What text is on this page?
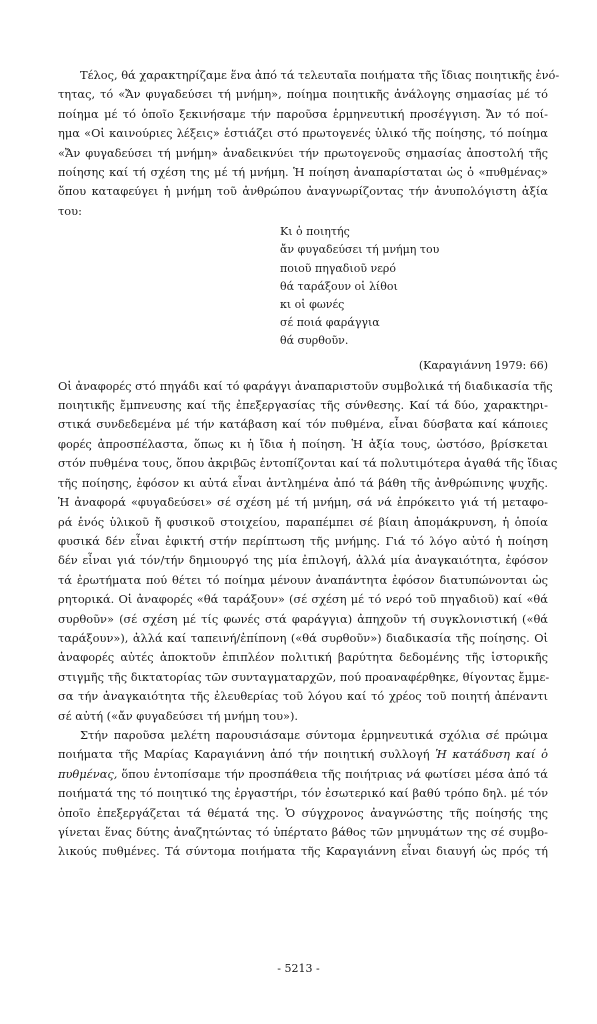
Τέλος, θά χαρακτηρίζαμε ἕνα ἀπό τά τελευταῖα ποιήματα τῆς ἴδιας ποιητικῆς ἑνό-
τητας, τό «Ἄν φυγαδεύσει τή μνήμη», ποίημα ποιητικῆς ἀνάλογης σημασίας μέ τό
ποίημα μέ τό ὁποῖο ξεκινήσαμε τήν παροῦσα ἑρμηνευτική προσέγγιση. Ἄν τό ποί-
ημα «Οἱ καινούριες λέξεις» ἑστιάζει στό πρωτογενές ὑλικό τῆς ποίησης, τό ποίημα
«Ἄν φυγαδεύσει τή μνήμη» ἀναδεικνύει τήν πρωτογενοῦς σημασίας ἀποστολή τῆς
ποίησης καί τή σχέση της μέ τή μνήμη. Ἡ ποίηση ἀναπαρίσταται ὡς ὁ «πυθμένας»
ὅπου καταφεύγει ἡ μνήμη τοῦ ἀνθρώπου ἀναγνωρίζοντας τήν ἀνυπολόγιστη ἀξία
του:

Κι ὁ ποιητής
ἄν φυγαδεύσει τή μνήμη του
ποιοῦ πηγαδιοῦ νερό
θά ταράξουν οἱ λίθοι
κι οἱ φωνές
σέ ποιά φαράγγια
θά συρθοῦν.
(Καραγιάννη 1979: 66)

Οἱ ἀναφορές στό πηγάδι καί τό φαράγγι ἀναπαριστοῦν συμβολικά τή διαδικασία τῆς
ποιητικῆς ἔμπνευσης καί τῆς ἐπεξεργασίας τῆς σύνθεσης. Καί τά δύο, χαρακτηρι-
στικά συνδεδεμένα μέ τήν κατάβαση καί τόν πυθμένα, εἶναι δύσβατα καί κάποιες
φορές ἀπροσπέλαστα, ὅπως κι ἡ ἴδια ἡ ποίηση. Ἡ ἀξία τους, ὡστόσο, βρίσκεται
στόν πυθμένα τους, ὅπου ἀκριβῶς ἐντοπίζονται καί τά πολυτιμότερα ἀγαθά τῆς ἴδιας
τῆς ποίησης, ἐφόσον κι αὐτά εἶναι ἀντλημένα ἀπό τά βάθη τῆς ἀνθρώπινης ψυχῆς.
Ἡ ἀναφορά «φυγαδεύσει» σέ σχέση μέ τή μνήμη, σά νά ἐπρόκειτο γιά τή μεταφο-
ρά ἑνός ὑλικοῦ ἤ φυσικοῦ στοιχείου, παραπέμπει σέ βίαιη ἀπομάκρυνση, ἡ ὁποία
φυσικά δέν εἶναι ἐφικτή στήν περίπτωση τῆς μνήμης. Γιά τό λόγο αὐτό ἡ ποίηση
δέν εἶναι γιά τόν/τήν δημιουργό της μία ἐπιλογή, ἀλλά μία ἀναγκαιότητα, ἐφόσον
τά ἐρωτήματα πού θέτει τό ποίημα μένουν ἀναπάντητα ἐφόσον διατυπώνονται ὡς
ρητορικά. Οἱ ἀναφορές «θά ταράξουν» (σέ σχέση μέ τό νερό τοῦ πηγαδιοῦ) καί «θά
συρθοῦν» (σέ σχέση μέ τίς φωνές στά φαράγγια) ἀπηχοῦν τή συγκλονιστική («θά
ταράξουν»), ἀλλά καί ταπεινή/ἐπίπονη («θά συρθοῦν») διαδικασία τῆς ποίησης. Οἱ
ἀναφορές αὐτές ἀποκτοῦν ἐπιπλέον πολιτική βαρύτητα δεδομένης τῆς ἱστορικῆς
στιγμῆς τῆς δικτατορίας τῶν συνταγματαρχῶν, πού προαναφέρθηκε, θίγοντας ἔμμε-
σα τήν ἀναγκαιότητα τῆς ἐλευθερίας τοῦ λόγου καί τό χρέος τοῦ ποιητή ἀπέναντι
σέ αὐτή («ἄν φυγαδεύσει τή μνήμη του»).

Στήν παροῦσα μελέτη παρουσιάσαμε σύντομα ἑρμηνευτικά σχόλια σέ πρώιμα
ποιήματα τῆς Μαρίας Καραγιάννη ἀπό τήν ποιητική συλλογή Ἡ κατάδυση καί ὁ
πυθμένας, ὅπου ἐντοπίσαμε τήν προσπάθεια τῆς ποιήτριας νά φωτίσει μέσα ἀπό τά
ποιήματά της τό ποιητικό της ἐργαστήρι, τόν ἐσωτερικό καί βαθύ τρόπο δηλ. μέ τόν
ὁποῖο ἐπεξεργάζεται τά θέματά της. Ὁ σύγχρονος ἀναγνώστης τῆς ποίησής της
γίνεται ἕνας δύτης ἀναζητώντας τό ὑπέρτατο βάθος τῶν μηνυμάτων της σέ συμβο-
λικούς πυθμένες. Τά σύντομα ποιήματα τῆς Καραγιάννη εἶναι διαυγή ὡς πρός τή

- 5213 -
